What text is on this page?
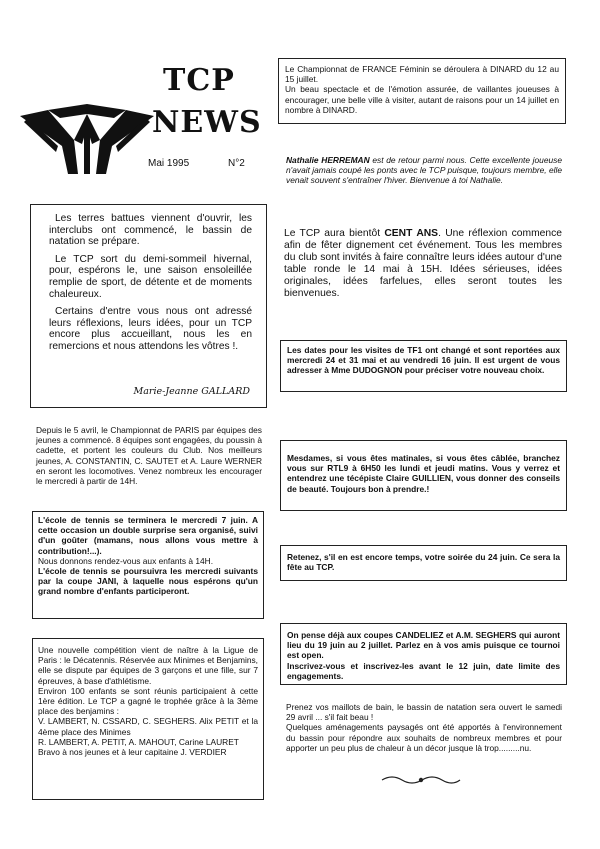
TCP
NEWS
Mai 1995	N°2

Les terres battues viennent d'ouvrir, les interclubs ont commencé, le bassin de natation se prépare.

Le TCP sort du demi-sommeil hivernal, pour, espérons le, une saison ensoleillée remplie de sport, de détente et de moments chaleureux.

Certains d'entre vous nous ont adressé leurs réflexions, leurs idées, pour un TCP encore plus accueillant, nous les en remercions et nous attendons les vôtres !.

Marie-Jeanne GALLARD
Depuis le 5 avril, le Championnat de PARIS par équipes des jeunes a commencé. 8 équipes sont engagées, du poussin à cadette, et portent les couleurs du Club. Nos meilleurs jeunes, A. CONSTANTIN, C. SAUTET et A. Laure WERNER en seront les locomotives. Venez nombreux les encourager le mercredi à partir de 14H.

L'école de tennis se terminera le mercredi 7 juin. A cette occasion un double surprise sera organisé, suivi d'un goûter (mamans, nous allons vous mettre à contribution!...).

Nous donnons rendez-vous aux enfants à 14H.

L'école de tennis se poursuivra les mercredi suivants par la coupe JANI, à laquelle nous espérons qu'un grand nombre d'enfants participeront.

Une nouvelle compétition vient de naître à la Ligue de Paris : le Décatennis. Réservée aux Minimes et Benjamins, elle se dispute par équipes de 3 garçons et une fille, sur 7 épreuves, à base d'athlétisme.

Environ 100 enfants se sont réunis participaient à cette 1ère édition. Le TCP a gagné le trophée grâce à la 3ème place des benjamins :

V. LAMBERT, N. CSSARD, C. SEGHERS. Alix PETIT et la 4ème place des Minimes

R. LAMBERT, A. PETIT, A. MAHOUT, Carine LAURET

Bravo à nos jeunes et à leur capitaine J. VERDIER

Le Championnat de FRANCE Féminin se déroulera à DINARD du 12 au 15 juillet.

Un beau spectacle et de l'émotion assurée, de vaillantes joueuses à encourager, une belle ville à visiter, autant de raisons pour un 14 juillet en nombre à DINARD.

Nathalie HERREMAN est de retour parmi nous. Cette excellente joueuse n'avait jamais coupé les ponts avec le TCP puisque, toujours membre, elle venait souvent s'entraîner l'hiver. Bienvenue à toi Nathalie.
Le TCP aura bientôt CENT ANS. Une réflexion commence afin de fêter dignement cet événement. Tous les membres du club sont invités à faire connaître leurs idées autour d'une table ronde le 14 mai à 15H. Idées sérieuses, idées originales, idées farfelues, elles seront toutes les bienvenues.

Les dates pour les visites de TF1 ont changé et sont reportées aux mercredi 24 et 31 mai et au vendredi 16 juin. Il est urgent de vous adresser à Mme DUDOGNON pour préciser votre nouveau choix.

Mesdames, si vous êtes matinales, si vous êtes câblée, branchez vous sur RTL9 à 6H50 les lundi et jeudi matins. Vous y verrez et entendrez une técépiste Claire GUILLIEN, vous donner des conseils de beauté. Toujours bon à prendre.!

Retenez, s'il en est encore temps, votre soirée du 24 juin. Ce sera la fête au TCP.

On pense déjà aux coupes CANDELIEZ et A.M. SEGHERS qui auront lieu du 19 juin au 2 juillet. Parlez en à vos amis puisque ce tournoi est open.

Inscrivez-vous et inscrivez-les avant le 12 juin, date limite des engagements.

Prenez vos maillots de bain, le bassin de natation sera ouvert le samedi 29 avril ... s'il fait beau !

Quelques aménagements paysagés ont été apportés à l'environnement du bassin pour répondre aux souhaits de nombreux membres et pour apporter un peu plus de chaleur à un décor jusque là trop.........nu.
